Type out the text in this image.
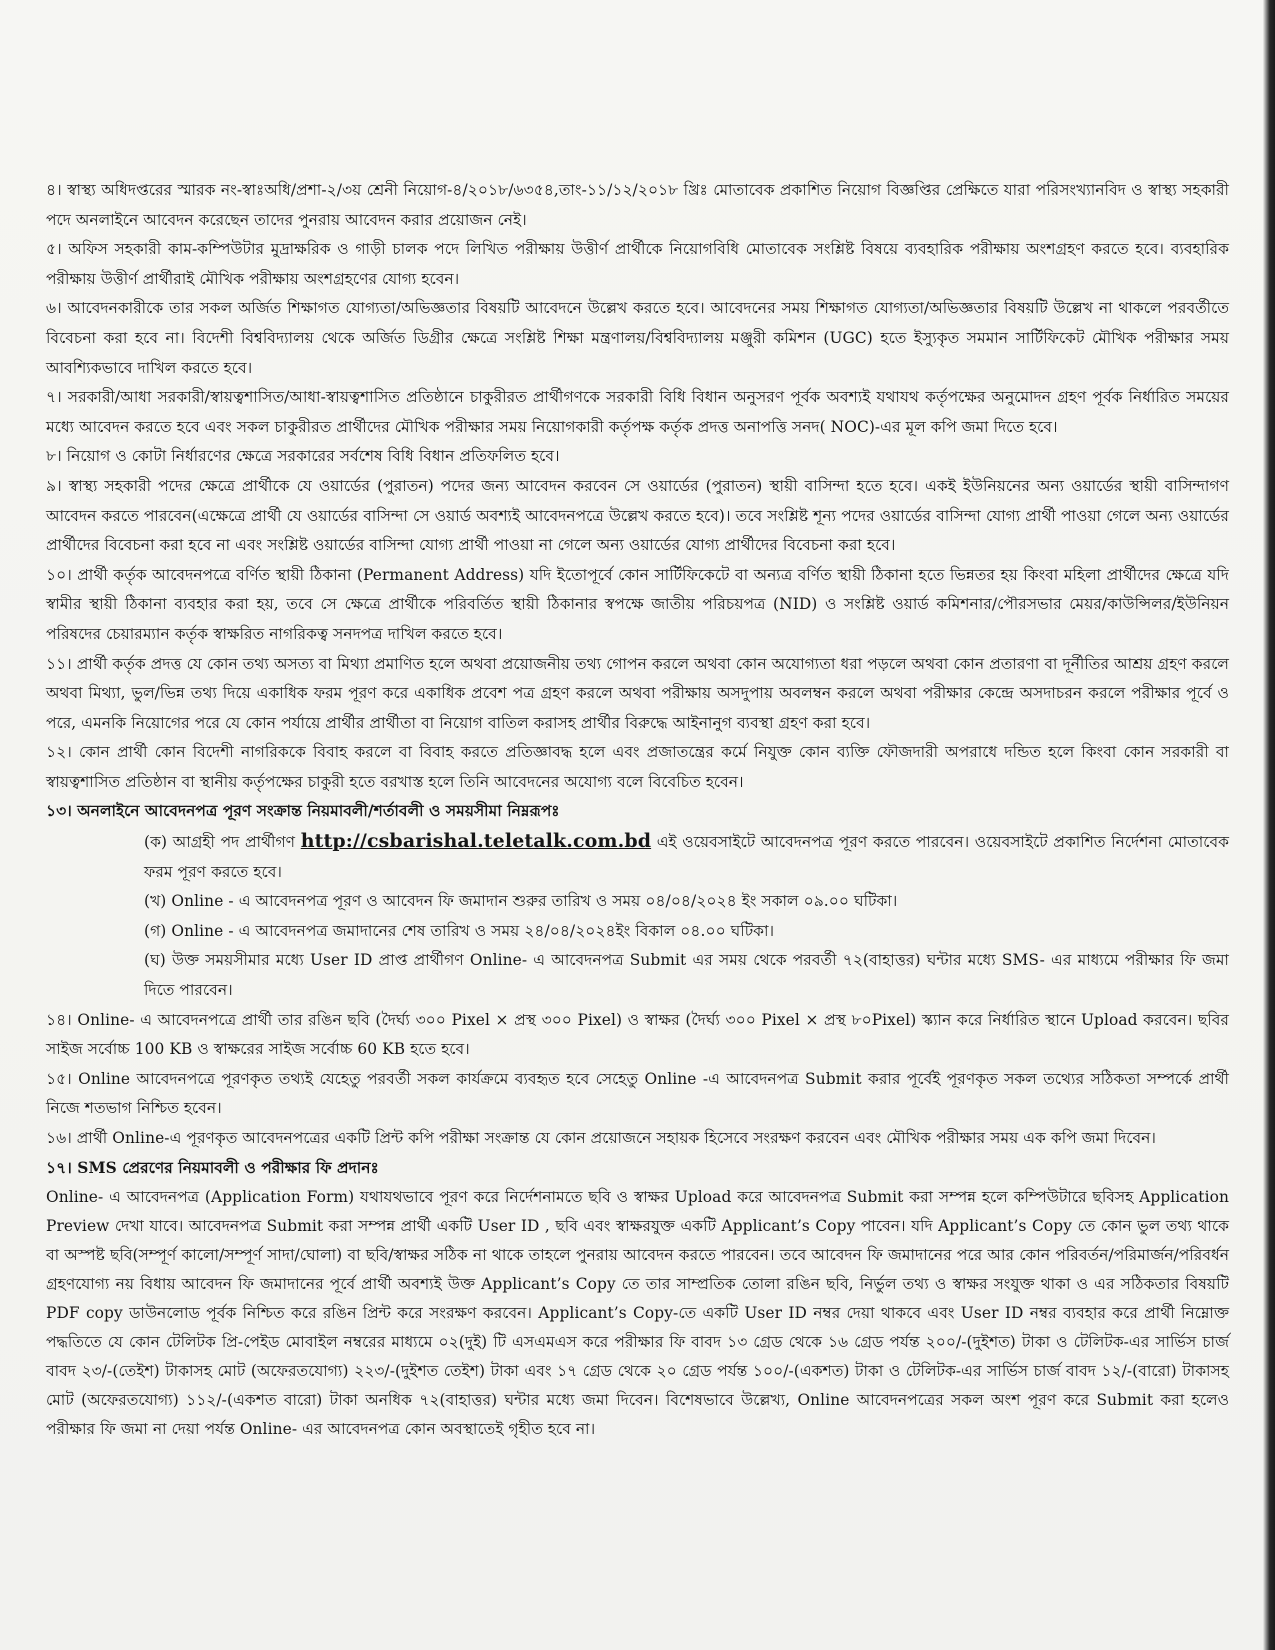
৪। স্বাস্থ্য অধিদপ্তরের স্মারক নং-স্বাঃঅধি/প্রশা-২/৩য় শ্রেনী নিয়োগ-৪/২০১৮/৬৩৫৪,তাং-১১/১২/২০১৮ খ্রিঃ মোতাবেক প্রকাশিত নিয়োগ বিজ্ঞপ্তির প্রেক্ষিতে যারা পরিসংখ্যানবিদ ও স্বাস্থ্য সহকারী পদে অনলাইনে আবেদন করেছেন তাদের পুনরায় আবেদন করার প্রয়োজন নেই।

৫। অফিস সহকারী কাম-কম্পিউটার মুদ্রাক্ষরিক ও গাড়ী চালক পদে লিখিত পরীক্ষায় উত্তীর্ণ প্রার্থীকে নিয়োগবিধি মোতাবেক সংশ্লিষ্ট বিষয়ে ব্যবহারিক পরীক্ষায় অংশগ্রহণ করতে হবে। ব্যবহারিক পরীক্ষায় উত্তীর্ণ প্রার্থীরাই মৌখিক পরীক্ষায় অংশগ্রহণের যোগ্য হবেন।

৬। আবেদনকারীকে তার সকল অর্জিত শিক্ষাগত যোগ্যতা/অভিজ্ঞতার বিষয়টি আবেদনে উল্লেখ করতে হবে। আবেদনের সময় শিক্ষাগত যোগ্যতা/অভিজ্ঞতার বিষয়টি উল্লেখ না থাকলে পরবর্তীতে বিবেচনা করা হবে না। বিদেশী বিশ্ববিদ্যালয় থেকে অর্জিত ডিগ্রীর ক্ষেত্রে সংশ্লিষ্ট শিক্ষা মন্ত্রণালয়/বিশ্ববিদ্যালয় মঞ্জুরী কমিশন (UGC) হতে ইস্যুকৃত সমমান সার্টিফিকেট মৌখিক পরীক্ষার সময় আবশ্যিকভাবে দাখিল করতে হবে।

৭। সরকারী/আধা সরকারী/স্বায়ত্বশাসিত/আধা-স্বায়ত্বশাসিত প্রতিষ্ঠানে চাকুরীরত প্রার্থীগণকে সরকারী বিধি বিধান অনুসরণ পূর্বক অবশ্যই যথাযথ কর্তৃপক্ষের অনুমোদন গ্রহণ পূর্বক নির্ধারিত সময়ের মধ্যে আবেদন করতে হবে এবং সকল চাকুরীরত প্রার্থীদের মৌখিক পরীক্ষার সময় নিয়োগকারী কর্তৃপক্ষ কর্তৃক প্রদত্ত অনাপত্তি সনদ( NOC)-এর মূল কপি জমা দিতে হবে।

৮। নিয়োগ ও কোটা নির্ধারণের ক্ষেত্রে সরকারের সর্বশেষ বিধি বিধান প্রতিফলিত হবে।

৯। স্বাস্থ্য সহকারী পদের ক্ষেত্রে প্রার্থীকে যে ওয়ার্ডের (পুরাতন) পদের জন্য আবেদন করবেন সে ওয়ার্ডের (পুরাতন) স্থায়ী বাসিন্দা হতে হবে। একই ইউনিয়নের অন্য ওয়ার্ডের স্থায়ী বাসিন্দাগণ আবেদন করতে পারবেন(এক্ষেত্রে প্রার্থী যে ওয়ার্ডের বাসিন্দা সে ওয়ার্ড অবশ্যই আবেদনপত্রে উল্লেখ করতে হবে)। তবে সংশ্লিষ্ট শূন্য পদের ওয়ার্ডের বাসিন্দা যোগ্য প্রার্থী পাওয়া গেলে অন্য ওয়ার্ডের প্রার্থীদের বিবেচনা করা হবে না এবং সংশ্লিষ্ট ওয়ার্ডের বাসিন্দা যোগ্য প্রার্থী পাওয়া না গেলে অন্য ওয়ার্ডের যোগ্য প্রার্থীদের বিবেচনা করা হবে।

১০। প্রার্থী কর্তৃক আবেদনপত্রে বর্ণিত স্থায়ী ঠিকানা (Permanent Address) যদি ইতোপূর্বে কোন সার্টিফিকেটে বা অন্যত্র বর্ণিত স্থায়ী ঠিকানা হতে ভিন্নতর হয় কিংবা মহিলা প্রার্থীদের ক্ষেত্রে যদি স্বামীর স্থায়ী ঠিকানা ব্যবহার করা হয়, তবে সে ক্ষেত্রে প্রার্থীকে পরিবর্তিত স্থায়ী ঠিকানার স্বপক্ষে জাতীয় পরিচয়পত্র (NID) ও সংশ্লিষ্ট ওয়ার্ড কমিশনার/পৌরসভার মেয়র/কাউন্সিলর/ইউনিয়ন পরিষদের চেয়ারম্যান কর্তৃক স্বাক্ষরিত নাগরিকত্ব সনদপত্র দাখিল করতে হবে।

১১। প্রার্থী কর্তৃক প্রদত্ত যে কোন তথ্য অসত্য বা মিথ্যা প্রমাণিত হলে অথবা প্রয়োজনীয় তথ্য গোপন করলে অথবা কোন অযোগ্যতা ধরা পড়লে অথবা কোন প্রতারণা বা দূর্নীতির আশ্রয় গ্রহণ করলে অথবা মিথ্যা, ভুল/ভিন্ন তথ্য দিয়ে একাধিক ফরম পূরণ করে একাধিক প্রবেশ পত্র গ্রহণ করলে অথবা পরীক্ষায় অসদুপায় অবলম্বন করলে অথবা পরীক্ষার কেন্দ্রে অসদাচরন করলে পরীক্ষার পূর্বে ও পরে, এমনকি নিয়োগের পরে যে কোন পর্যায়ে প্রার্থীর প্রার্থীতা বা নিয়োগ বাতিল করাসহ প্রার্থীর বিরুদ্ধে আইনানুগ ব্যবস্থা গ্রহণ করা হবে।

১২। কোন প্রার্থী কোন বিদেশী নাগরিককে বিবাহ করলে বা বিবাহ করতে প্রতিজ্ঞাবদ্ধ হলে এবং প্রজাতন্ত্রের কর্মে নিযুক্ত কোন ব্যক্তি ফৌজদারী অপরাধে দন্ডিত হলে কিংবা কোন সরকারী বা স্বায়ত্বশাসিত প্রতিষ্ঠান বা স্থানীয় কর্তৃপক্ষের চাকুরী হতে বরখাস্ত হলে তিনি আবেদনের অযোগ্য বলে বিবেচিত হবেন।

১৩। অনলাইনে আবেদনপত্র পূরণ সংক্রান্ত নিয়মাবলী/শর্তাবলী ও সময়সীমা নিম্নরূপঃ

(ক) আগ্রহী পদ প্রার্থীগণ http://csbarishal.teletalk.com.bd এই ওয়েবসাইটে আবেদনপত্র পূরণ করতে পারবেন। ওয়েবসাইটে প্রকাশিত নির্দেশনা মোতাবেক ফরম পূরণ করতে হবে।

(খ) Online - এ আবেদনপত্র পূরণ ও আবেদন ফি জমাদান শুরুর তারিখ ও সময় ০৪/০৪/২০২৪ ইং সকাল ০৯.০০ ঘটিকা।

(গ) Online - এ আবেদনপত্র জমাদানের শেষ তারিখ ও সময় ২৪/০৪/২০২৪ইং বিকাল ০৪.০০ ঘটিকা।

(ঘ) উক্ত সময়সীমার মধ্যে User ID প্রাপ্ত প্রার্থীগণ Online- এ আবেদনপত্র Submit এর সময় থেকে পরবর্তী ৭২(বাহাত্তর) ঘন্টার মধ্যে SMS- এর মাধ্যমে পরীক্ষার ফি জমা দিতে পারবেন।

১৪। Online- এ আবেদনপত্রে প্রার্থী তার রঙিন ছবি (দৈর্ঘ্য ৩০০ Pixel × প্রস্থ ৩০০ Pixel) ও স্বাক্ষর (দৈর্ঘ্য ৩০০ Pixel × প্রস্থ ৮০Pixel) স্ক্যান করে নির্ধারিত স্থানে Upload করবেন। ছবির সাইজ সর্বোচ্চ 100 KB ও স্বাক্ষরের সাইজ সর্বোচ্চ 60 KB হতে হবে।

১৫। Online আবেদনপত্রে পূরণকৃত তথ্যই যেহেতু পরবর্তী সকল কার্যক্রমে ব্যবহৃত হবে সেহেতু Online -এ আবেদনপত্র Submit করার পূর্বেই পূরণকৃত সকল তথ্যের সঠিকতা সম্পর্কে প্রার্থী নিজে শতভাগ নিশ্চিত হবেন।

১৬। প্রার্থী Online-এ পূরণকৃত আবেদনপত্রের একটি প্রিন্ট কপি পরীক্ষা সংক্রান্ত যে কোন প্রয়োজনে সহায়ক হিসেবে সংরক্ষণ করবেন এবং মৌখিক পরীক্ষার সময় এক কপি জমা দিবেন।

১৭। SMS প্রেরণের নিয়মাবলী ও পরীক্ষার ফি প্রদানঃ

Online- এ আবেদনপত্র (Application Form) যথাযথভাবে পূরণ করে নির্দেশনামতে ছবি ও স্বাক্ষর Upload করে আবেদনপত্র Submit করা সম্পন্ন হলে কম্পিউটারে ছবিসহ Application Preview দেখা যাবে। আবেদনপত্র Submit করা সম্পন্ন প্রার্থী একটি User ID , ছবি এবং স্বাক্ষরযুক্ত একটি Applicant’s Copy পাবেন। যদি Applicant’s Copy তে কোন ভুল তথ্য থাকে বা অস্পষ্ট ছবি(সম্পূর্ণ কালো/সম্পূর্ণ সাদা/ঘোলা) বা ছবি/স্বাক্ষর সঠিক না থাকে তাহলে পুনরায় আবেদন করতে পারবেন। তবে আবেদন ফি জমাদানের পরে আর কোন পরিবর্তন/পরিমার্জন/পরিবর্ধন গ্রহণযোগ্য নয় বিধায় আবেদন ফি জমাদানের পূর্বে প্রার্থী অবশ্যই উক্ত Applicant’s Copy তে তার সাম্প্রতিক তোলা রঙিন ছবি, নির্ভুল তথ্য ও স্বাক্ষর সংযুক্ত থাকা ও এর সঠিকতার বিষয়টি PDF copy ডাউনলোড পূর্বক নিশ্চিত করে রঙিন প্রিন্ট করে সংরক্ষণ করবেন। Applicant’s Copy-তে একটি User ID নম্বর দেয়া থাকবে এবং User ID নম্বর ব্যবহার করে প্রার্থী নিম্নোক্ত পদ্ধতিতে যে কোন টেলিটক প্রি-পেইড মোবাইল নম্বরের মাধ্যমে ০২(দুই) টি এসএমএস করে পরীক্ষার ফি বাবদ ১৩ গ্রেড থেকে ১৬ গ্রেড পর্যন্ত ২০০/-(দুইশত) টাকা ও টেলিটক-এর সার্ভিস চার্জ বাবদ ২৩/-(তেইশ) টাকাসহ মোট (অফেরতযোগ্য) ২২৩/-(দুইশত তেইশ) টাকা এবং ১৭ গ্রেড থেকে ২০ গ্রেড পর্যন্ত ১০০/-(একশত) টাকা ও টেলিটক-এর সার্ভিস চার্জ বাবদ ১২/-(বারো) টাকাসহ মোট (অফেরতযোগ্য) ১১২/-(একশত বারো) টাকা অনধিক ৭২(বাহাত্তর) ঘন্টার মধ্যে জমা দিবেন। বিশেষভাবে উল্লেখ্য, Online আবেদনপত্রের সকল অংশ পূরণ করে Submit করা হলেও পরীক্ষার ফি জমা না দেয়া পর্যন্ত Online- এর আবেদনপত্র কোন অবস্থাতেই গৃহীত হবে না।
